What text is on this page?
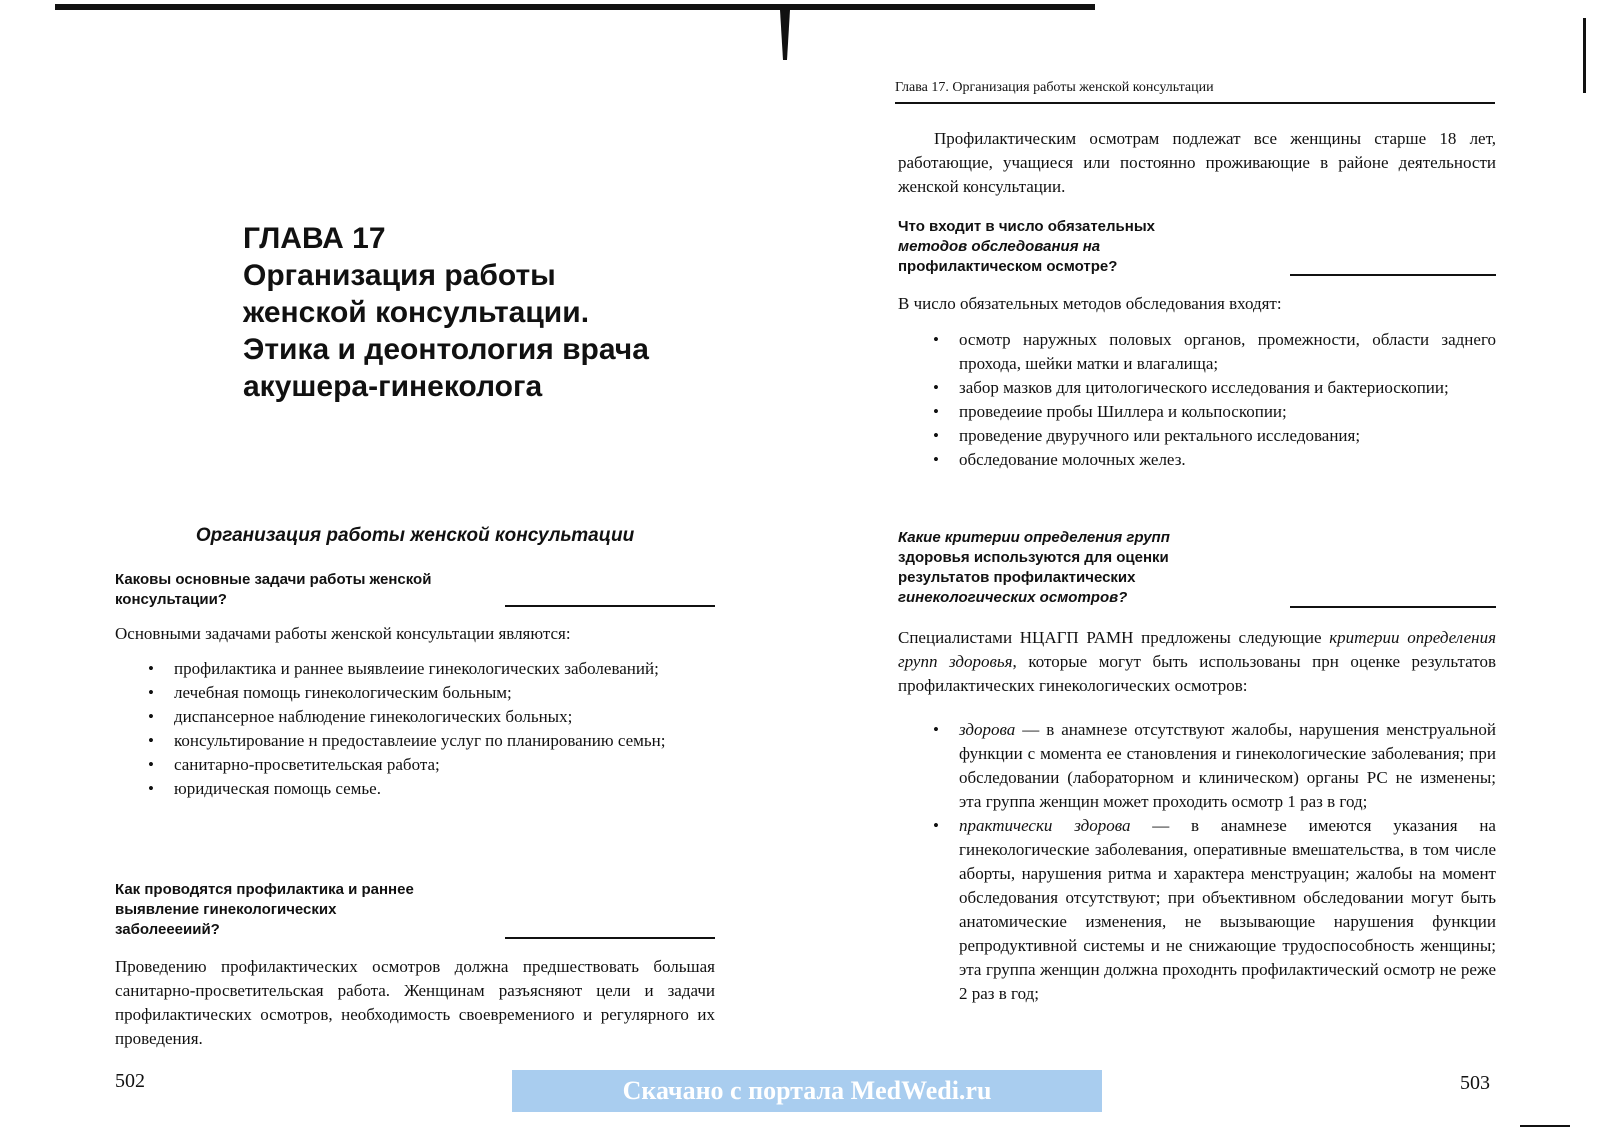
ГЛАВА 17
Организация работы
женской консультации.
Этика и деонтология врача
акушера-гинеколога
Организация работы женской консультации
Каковы основные задачи работы женской
консультации?
Основными задачами работы женской консультации являются:
• профилактика и раннее выявлеиие гинекологических заболеваний;
• лечебная помощь гинекологическим больным;
• диспансерное наблюдение гинекологических больных;
• консультирование н предоставлеиие услуг по планированию семьн;
• санитарно-просветительская работа;
• юридическая помощь семье.
Как проводятся профилактика и раннее
выявление гинекологических
заболеееиий?
Проведению профилактических осмотров должна предшествовать большая санитарно-просветительская работа. Женщинам разъясняют цели и задачи профилактических осмотров, необходимость своевремениого и регулярного их проведения.
502
Глава 17. Организация работы женской консультации
Профилактическим осмотрам подлежат все женщины старше 18 лет, работающие, учащиеся или постоянно проживающие в районе деятельности женской консультации.
Что входит в число обязательных
методов обследования на
профилактическом осмотре?
В число обязательных методов обследования входят:
• осмотр наружных половых органов, промежности, области заднего прохода, шейки матки и влагалища;
• забор мазков для цитологического исследования и бактериоскопии;
• проведеиие пробы Шиллера и кольпоскопии;
• проведение двуручного или ректального исследования;
• обследование молочных желез.
Какие критерии определения групп
здоровья используются для оценки
результатов профилактических
гинекологических осмотров?
Специалистами НЦАГП РАМН предложены следующие критерии определения групп здоровья, которые могут быть использованы прн оценке результатов профилактических гинекологических осмотров:
• здорова — в анамнезе отсутствуют жалобы, нарушения менструальной функции с момента ее становления и гинекологические заболевания; при обследовании (лабораторном и клиническом) органы РС не изменены; эта группа женщин может проходить осмотр 1 раз в год;
• практически здорова — в анамнезе имеются указания на гинекологические заболевания, оперативные вмешательства, в том числе аборты, нарушения ритма и характера менструацин; жалобы на момент обследования отсутствуют; при объективном обследовании могут быть анатомические изменения, не вызывающие нарушения функции репродуктивной системы и не снижающие трудоспособность женщины; эта группа женщин должна проходнть профилактический осмотр не реже 2 раз в год;
503
Скачано с портала MedWedi.ru
